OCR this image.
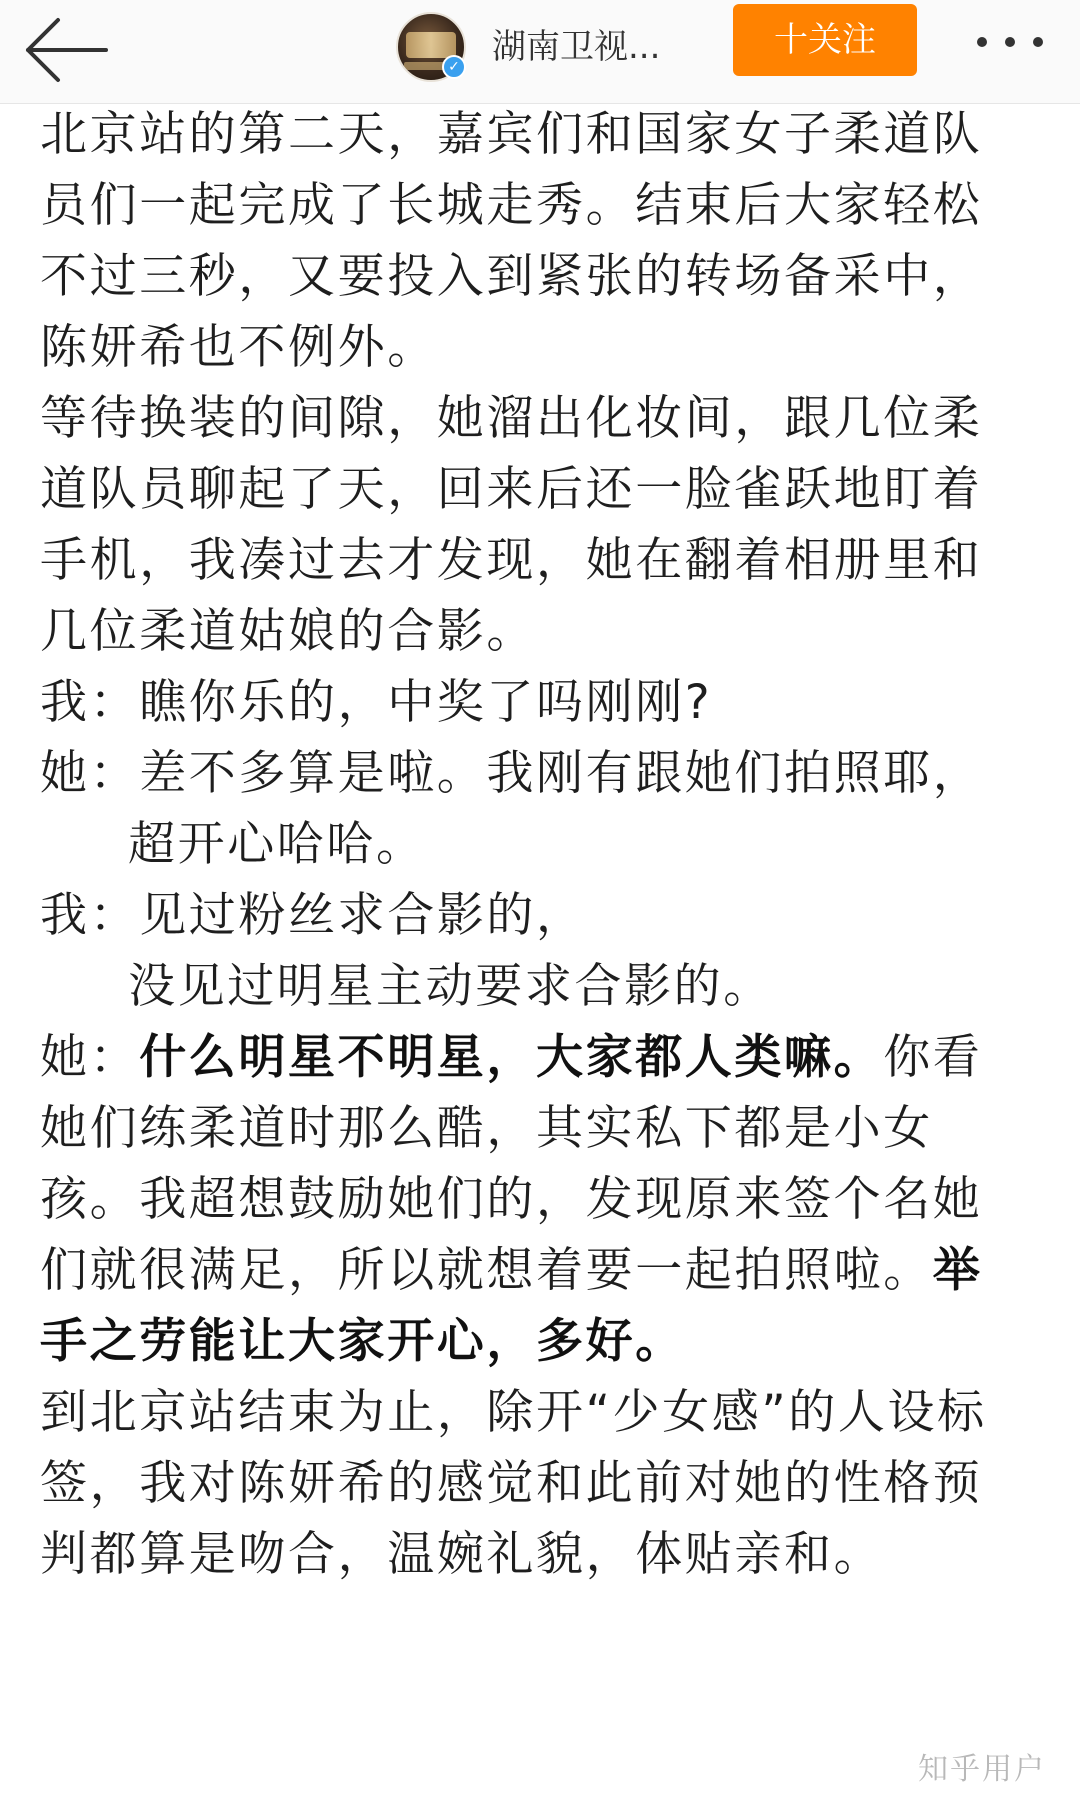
✓ 湖南卫视...	十关注
北京站的第二天，嘉宾们和国家女子柔道队
员们一起完成了长城走秀。结束后大家轻松
不过三秒，又要投入到紧张的转场备采中，
陈妍希也不例外。
等待换装的间隙，她溜出化妆间，跟几位柔
道队员聊起了天，回来后还一脸雀跃地盯着
手机，我凑过去才发现，她在翻着相册里和
几位柔道姑娘的合影。
我：瞧你乐的，中奖了吗刚刚?
她：差不多算是啦。我刚有跟她们拍照耶，
超开心哈哈。
我：见过粉丝求合影的，
没见过明星主动要求合影的。
她：什么明星不明星，大家都人类嘛。你看
她们练柔道时那么酷，其实私下都是小女
孩。我超想鼓励她们的，发现原来签个名她
们就很满足，所以就想着要一起拍照啦。举
手之劳能让大家开心，多好。
到北京站结束为止，除开“少女感”的人设标
签，我对陈妍希的感觉和此前对她的性格预
判都算是吻合，温婉礼貌，体贴亲和。
知乎用户
